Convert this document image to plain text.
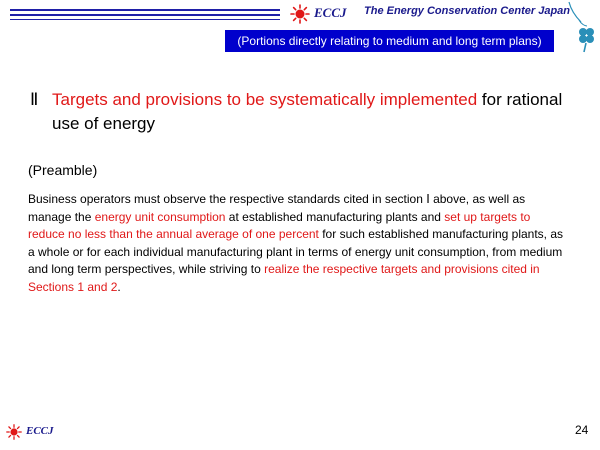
ECCJ The Energy Conservation Center Japan
(Portions directly relating to medium and long term plans)
Ⅱ Targets and provisions to be systematically implemented for rational
use of energy
(Preamble)
Business operators must observe the respective standards cited in section Ⅰ above, as well as manage the energy unit consumption at established manufacturing plants and set up targets to reduce no less than the annual average of one percent for such established manufacturing plants, as a whole or for each individual manufacturing plant in terms of energy unit consumption, from medium and long term perspectives, while striving to realize the respective targets and provisions cited in Sections 1 and 2.
ECCJ	24
